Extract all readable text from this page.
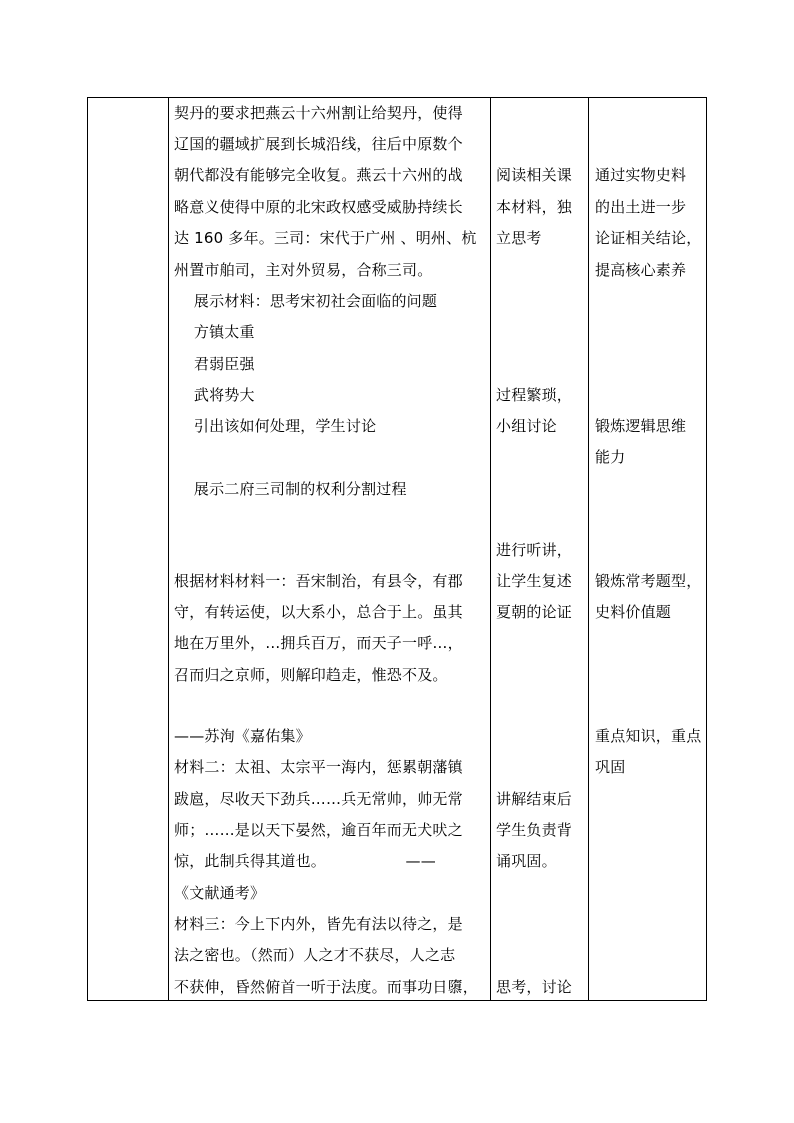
契丹的要求把燕云十六州割让给契丹，使得
辽国的疆域扩展到长城沿线，往后中原数个
朝代都没有能够完全收复。燕云十六州的战
略意义使得中原的北宋政权感受威胁持续长
达 160 多年。三司：宋代于广州 、明州、杭
州置市舶司，主对外贸易，合称三司。
展示材料：思考宋初社会面临的问题
方镇太重
君弱臣强
武将势大
引出该如何处理，学生讨论
展示二府三司制的权利分割过程
根据材料材料一：吾宋制治，有县令，有郡
守，有转运使，以大系小，总合于上。虽其
地在万里外，…拥兵百万，而天子一呼…，
召而归之京师，则解印趋走，惟恐不及。
——苏洵《嘉佑集》
材料二：太祖、太宗平一海内，惩累朝藩镇
跋扈，尽收天下劲兵……兵无常帅，帅无常
师；……是以天下晏然，逾百年而无犬吠之
惊，此制兵得其道也。                ——
《文献通考》
材料三：今上下内外，皆先有法以待之，是
法之密也。（然而）人之才不获尽，人之志
不获伸，昏然俯首一听于法度。而事功日隳，
阅读相关课
本材料，独
立思考
过程繁琐，
小组讨论
进行听讲，
让学生复述
夏朝的论证
讲解结束后
学生负责背
诵巩固。
思考，讨论
通过实物史料
的出土进一步
论证相关结论，
提高核心素养
锻炼逻辑思维
能力
锻炼常考题型，
史料价值题
重点知识，重点
巩固
